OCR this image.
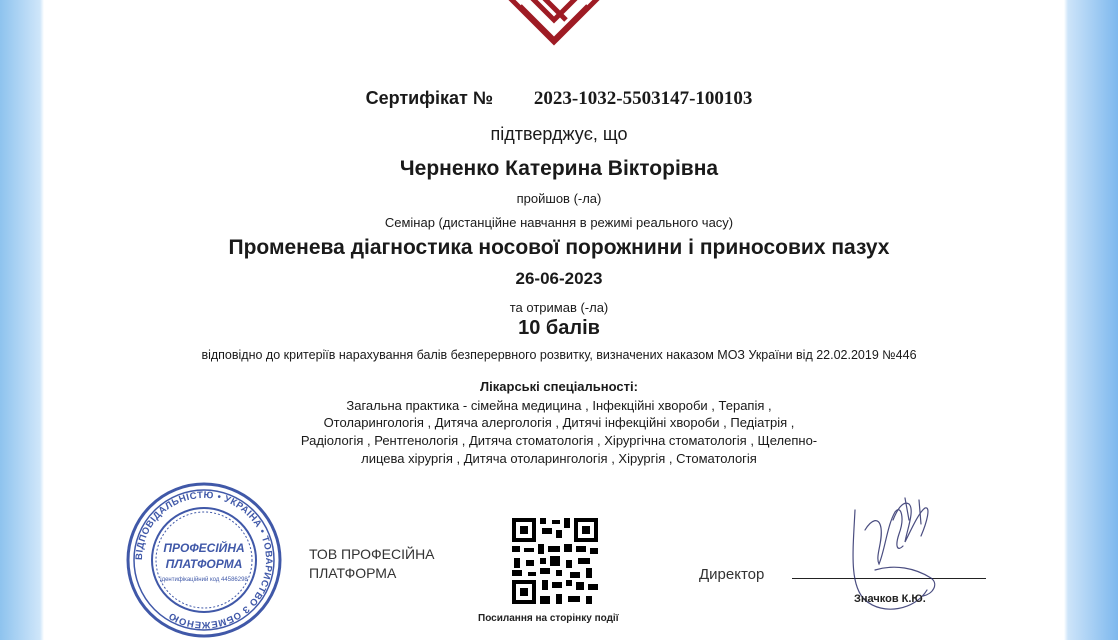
Сертифікат № 2023-1032-5503147-100103
підтверджує, що
Черненко Катерина Вікторівна
пройшов (-ла)
Семінар (дистанційне навчання в режимі реального часу)
Променева діагностика носової порожнини і приносових пазух
26-06-2023
та отримав (-ла)
10 балів
відповідно до критеріїв нарахування балів безперервного розвитку, визначених наказом МОЗ України від 22.02.2019 №446
Лікарські спеціальності:
Загальна практика - сімейна медицина , Інфекційні хвороби , Терапія ,
Отоларингологія , Дитяча алергологія , Дитячі інфекційні хвороби , Педіатрія ,
Радіологія , Рентгенологія , Дитяча стоматологія , Хірургічна стоматологія , Щелепно-
лицева хірургія , Дитяча отоларингологія , Хірургія , Стоматологія
ВІДПОВІДАЛЬНІСТЮ • УКРАЇНА • ТОВАРИСТВО З ОБМЕЖЕНОЮ
ПРОФЕСІЙНА
ПЛАТФОРМА
ідентифікаційний код 44586298
ТОВ ПРОФЕСІЙНА
ПЛАТФОРМА
Посилання на сторінку події
Директор
Значков К.Ю.
